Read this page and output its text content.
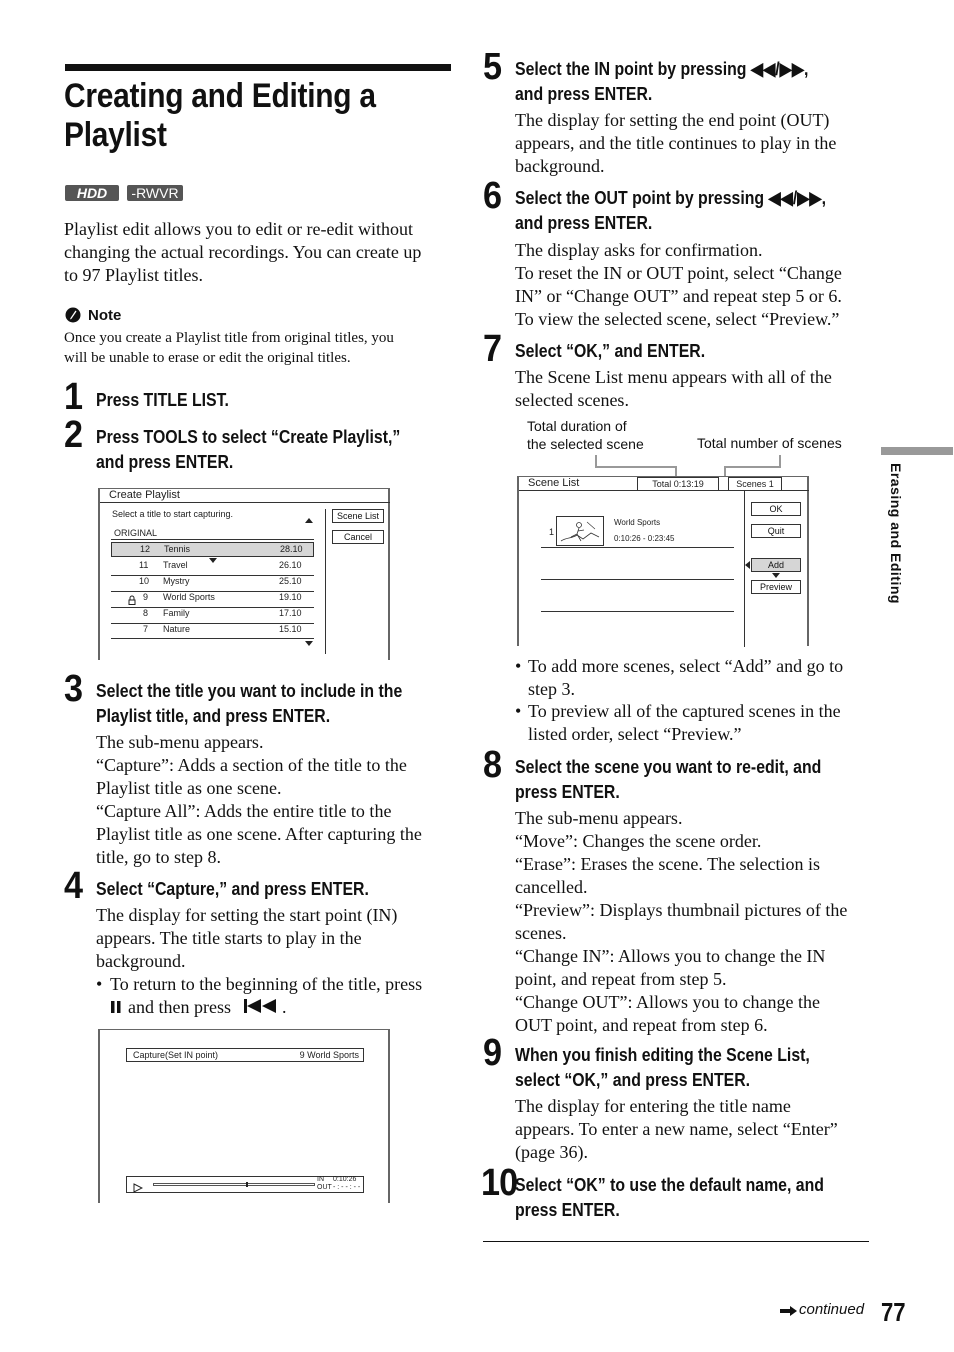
Creating and Editing a
Playlist
HDD	-RWVR
Playlist edit allows you to edit or re-edit without
changing the actual recordings. You can create up
to 97 Playlist titles.
Note
Once you create a Playlist title from original titles, you
will be unable to erase or edit the original titles.
1 Press TITLE LIST.
2 Press TOOLS to select “Create Playlist,”
and press ENTER.
Create Playlist
Select a title to start capturing.
ORIGINAL
Scene List
Cancel
12 Tennis	28.10
11 Travel	26.10
10 Mystry	25.10
9 World Sports	19.10
8 Family	17.10
7 Nature	15.10
3 Select the title you want to include in the
Playlist title, and press ENTER.
The sub-menu appears.
“Capture”: Adds a section of the title to the
Playlist title as one scene.
“Capture All”: Adds the entire title to the
Playlist title as one scene. After capturing the
title, go to step 8.
4 Select “Capture,” and press ENTER.
The display for setting the start point (IN)
appears. The title starts to play in the
background.
• To return to the beginning of the title, press
and then press	.
Capture(Set IN point)	9 World Sports
IN 0:10:26
OUT - : - - : - -
5 Select the IN point by pressing ◀◀/▶▶,
and press ENTER.
The display for setting the end point (OUT)
appears, and the title continues to play in the
background.
6 Select the OUT point by pressing ◀◀/▶▶,
and press ENTER.
The display asks for confirmation.
To reset the IN or OUT point, select “Change
IN” or “Change OUT” and repeat step 5 or 6.
To view the selected scene, select “Preview.”
7 Select “OK,” and ENTER.
The Scene List menu appears with all of the
selected scenes.
Total duration of
the selected scene	Total number of scenes
Scene List	Total 0:13:19	Scenes 1
1
World Sports
0:10:26 - 0:23:45
OK
Quit
Add
Preview
• To add more scenes, select “Add” and go to
step 3.
• To preview all of the captured scenes in the
listed order, select “Preview.”
8 Select the scene you want to re-edit, and
press ENTER.
The sub-menu appears.
“Move”: Changes the scene order.
“Erase”: Erases the scene. The selection is
cancelled.
“Preview”: Displays thumbnail pictures of the
scenes.
“Change IN”: Allows you to change the IN
point, and repeat from step 5.
“Change OUT”: Allows you to change the
OUT point, and repeat from step 6.
9 When you finish editing the Scene List,
select “OK,” and press ENTER.
The display for entering the title name
appears. To enter a new name, select “Enter”
(page 36).
10
Select “OK” to use the default name, and
press ENTER.
Erasing and Editing
continued 77
